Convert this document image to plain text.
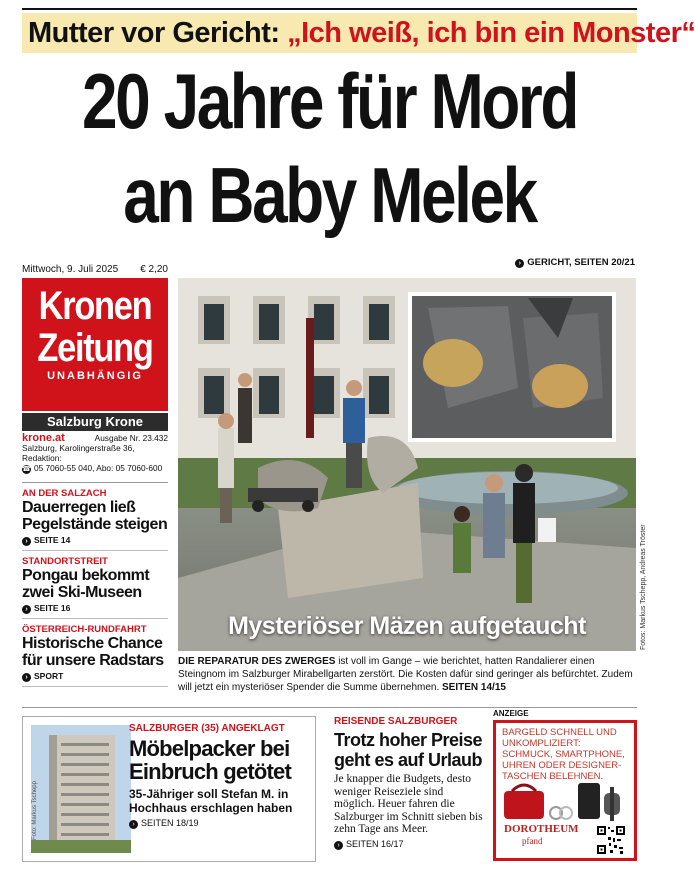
Mutter vor Gericht: „Ich weiß, ich bin ein Monster“
20 Jahre für Mord
an Baby Melek
Mittwoch, 9. Juli 2025 € 2,20
› GERICHT, SEITEN 20/21
Kronen
Zeitung
UNABHÄNGIG
Salzburg Krone
krone.at	Ausgabe Nr. 23.432
Salzburg, Karolingerstraße 36, Redaktion:
☎ 05 7060-55 040, Abo: 05 7060-600
AN DER SALZACH
Dauerregen ließ Pegelstände steigen
› SEITE 14
STANDORTSTREIT
Pongau bekommt zwei Ski-Museen
› SEITE 16
ÖSTERREICH-RUNDFAHRT
Historische Chance für unsere Radstars
› SPORT
Mysteriöser Mäzen aufgetaucht	Fotos: Markus Tschepp, Andreas Tröster
DIE REPARATUR DES ZWERGES ist voll im Gange – wie berichtet, hatten Randalierer einen Steingnom im Salzburger Mirabellgarten zerstört. Die Kosten dafür sind geringer als befürchtet. Zudem will jetzt ein mysteriöser Spender die Summe übernehmen. SEITEN 14/15
SALZBURGER (35) ANGEKLAGT
Möbelpacker bei Einbruch getötet
35-Jähriger soll Stefan M. in Hochhaus erschlagen haben
› SEITEN 18/19
Foto: Markus Tschepp
REISENDE SALZBURGER
Trotz hoher Preise geht es auf Urlaub
Je knapper die Budgets, desto weniger Reiseziele sind möglich. Heuer fahren die Salzburger im Schnitt sieben bis zehn Tage ans Meer.
› SEITEN 16/17
ANZEIGE
BARGELD SCHNELL UND UNKOMPLIZIERT: SCHMUCK, SMARTPHONE, UHREN ODER DESIGNER-TASCHEN BELEHNEN.
DOROTHEUM
pfand
